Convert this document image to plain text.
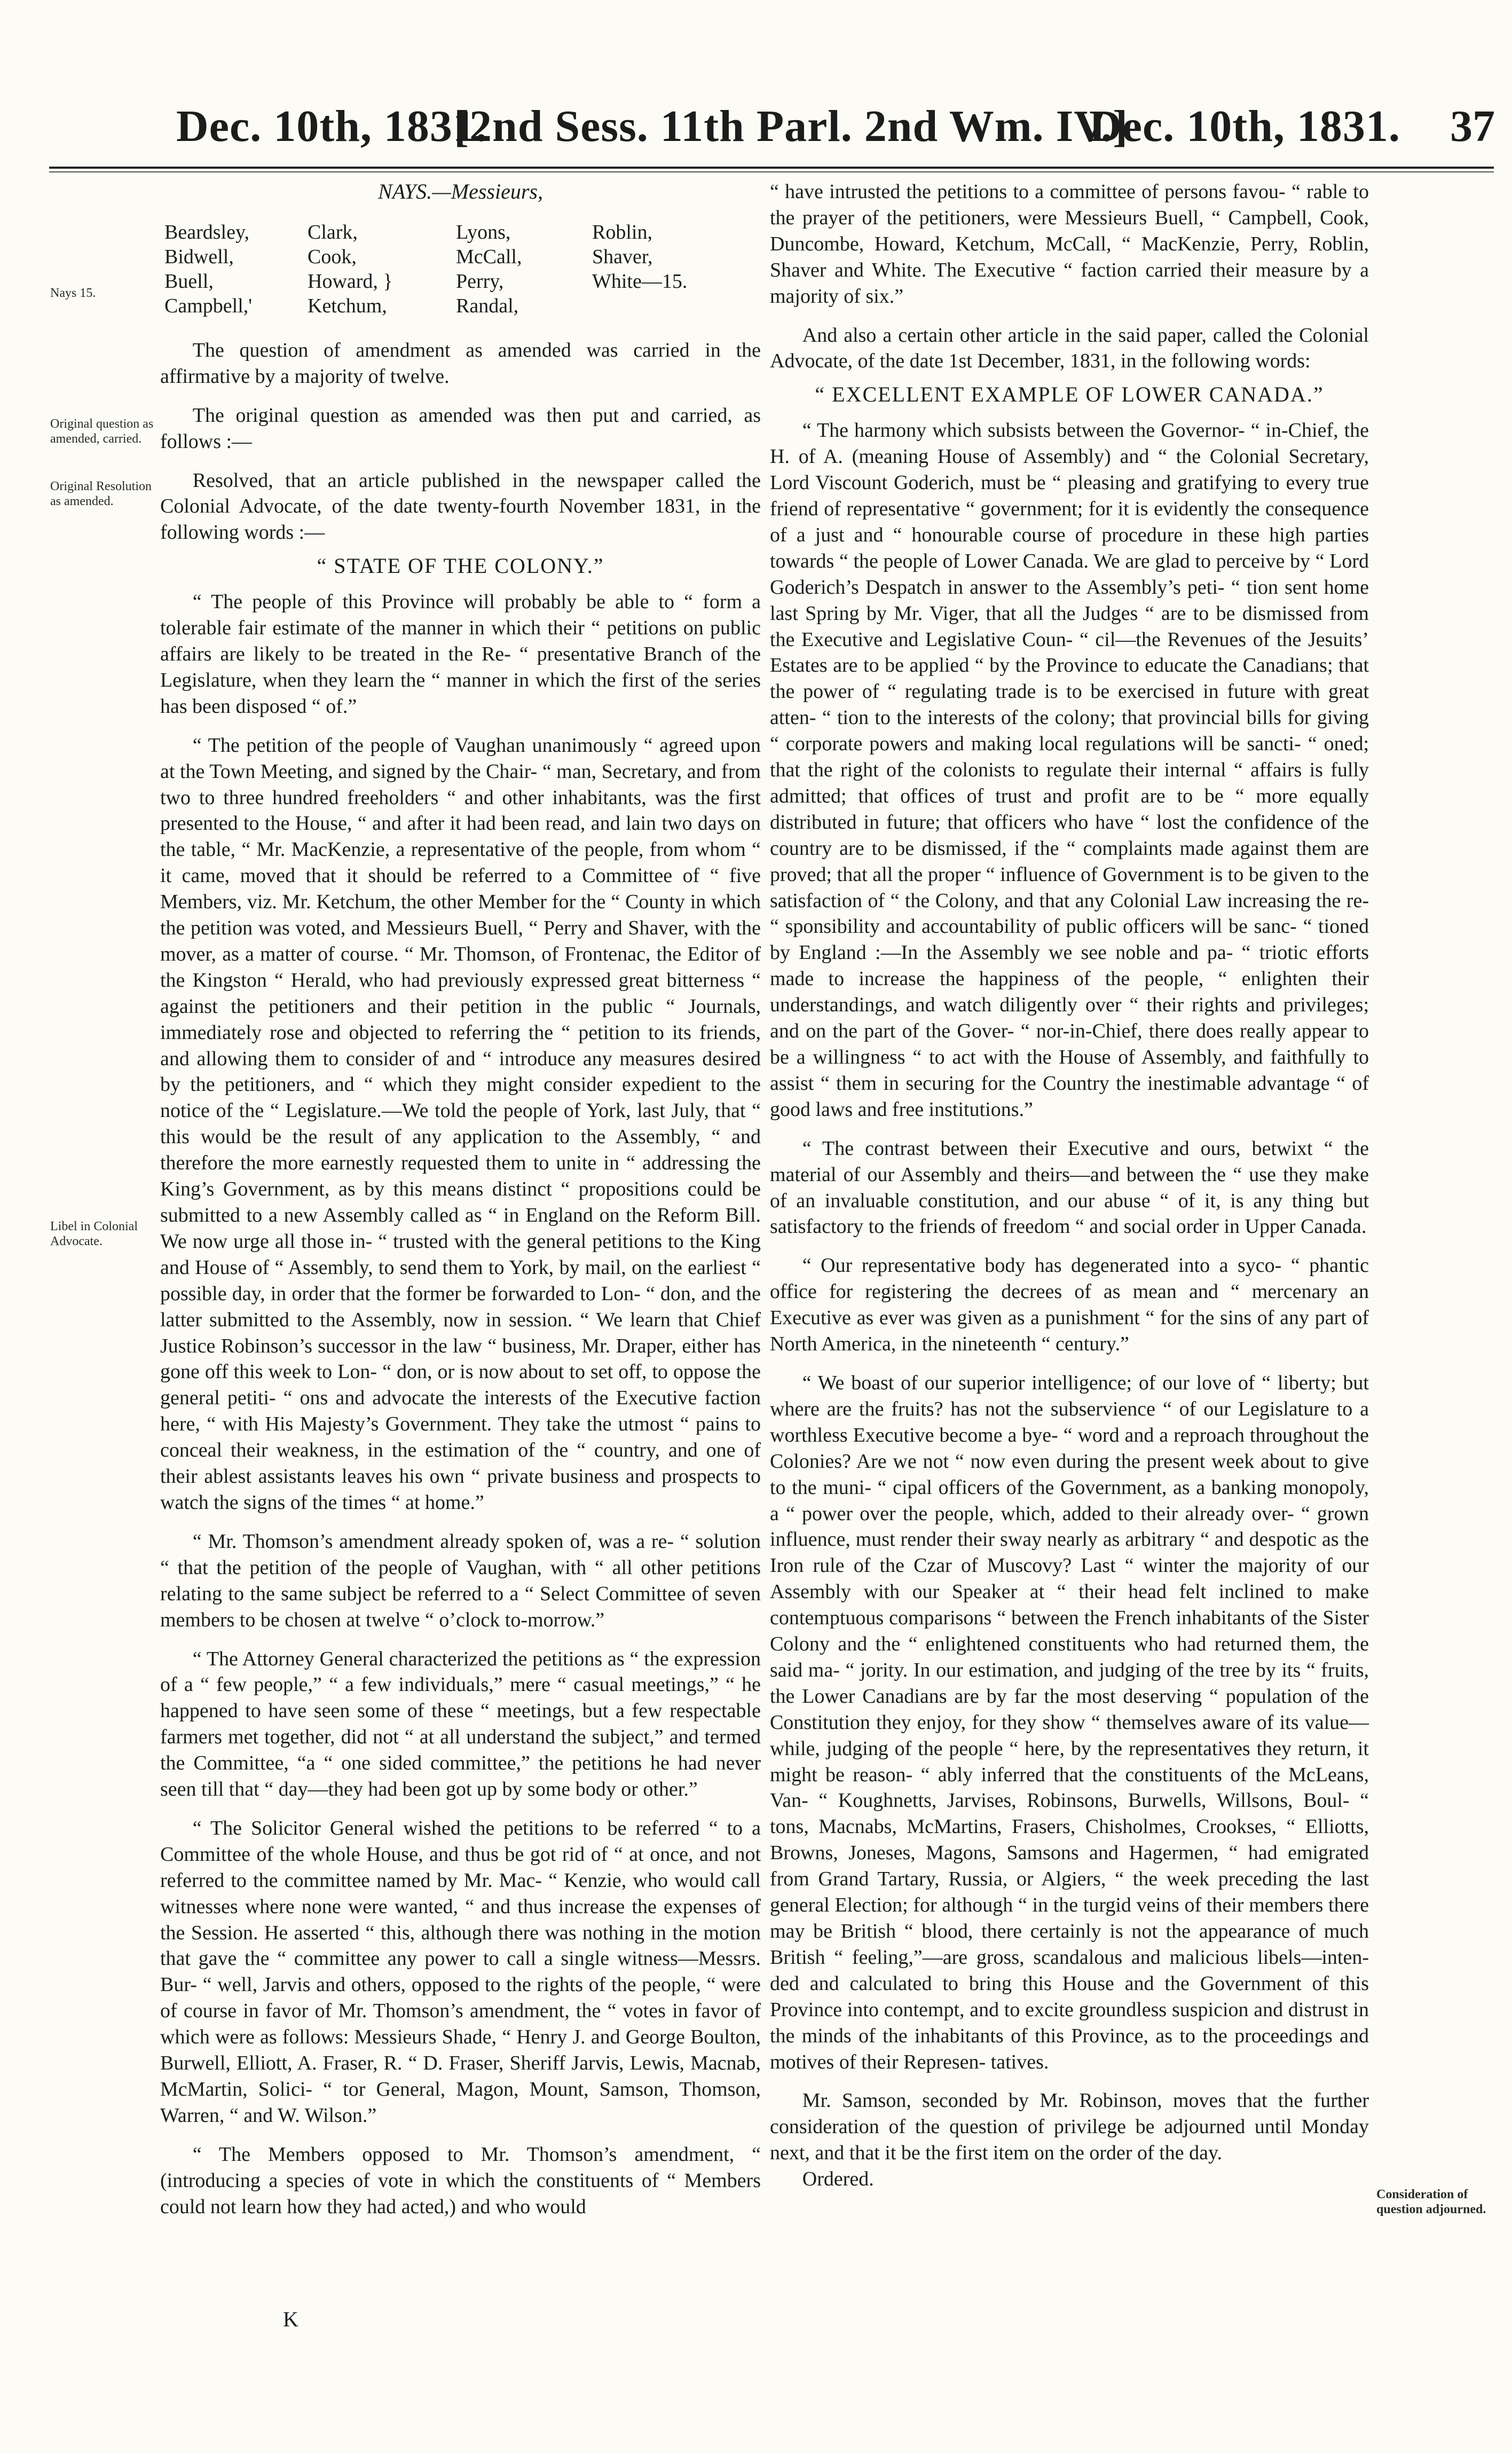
Dec. 10th, 1831.
[2nd Sess. 11th Parl. 2nd Wm. IV.]
Dec. 10th, 1831. 37
Nays 15.
Original question as amended, carried.
Original Resolution as amended.
Libel in Colonial Advocate.
Consideration of question adjourned.
NAYS.—Messieurs,
Beardsley,	Clark,	Lyons,	Roblin,
Bidwell,	Cook,	McCall,	Shaver,
Buell,	Howard, }	Perry,	White—15.
Campbell,'	Ketchum,	Randal,

The question of amendment as amended was carried in the affirmative by a majority of twelve.

The original question as amended was then put and carried, as follows :—

Resolved, that an article published in the newspaper called the Colonial Advocate, of the date twenty-fourth November 1831, in the following words :—

“ STATE OF THE COLONY.”

“ The people of this Province will probably be able to “ form a tolerable fair estimate of the manner in which their “ petitions on public affairs are likely to be treated in the Re- “ presentative Branch of the Legislature, when they learn the “ manner in which the first of the series has been disposed “ of.”

“ The petition of the people of Vaughan unanimously “ agreed upon at the Town Meeting, and signed by the Chair- “ man, Secretary, and from two to three hundred freeholders “ and other inhabitants, was the first presented to the House, “ and after it had been read, and lain two days on the table, “ Mr. MacKenzie, a representative of the people, from whom “ it came, moved that it should be referred to a Committee of “ five Members, viz. Mr. Ketchum, the other Member for the “ County in which the petition was voted, and Messieurs Buell, “ Perry and Shaver, with the mover, as a matter of course. “ Mr. Thomson, of Frontenac, the Editor of the Kingston “ Herald, who had previously expressed great bitterness “ against the petitioners and their petition in the public “ Journals, immediately rose and objected to referring the “ petition to its friends, and allowing them to consider of and “ introduce any measures desired by the petitioners, and “ which they might consider expedient to the notice of the “ Legislature.—We told the people of York, last July, that “ this would be the result of any application to the Assembly, “ and therefore the more earnestly requested them to unite in “ addressing the King’s Government, as by this means distinct “ propositions could be submitted to a new Assembly called as “ in England on the Reform Bill. We now urge all those in- “ trusted with the general petitions to the King and House of “ Assembly, to send them to York, by mail, on the earliest “ possible day, in order that the former be forwarded to Lon- “ don, and the latter submitted to the Assembly, now in session. “ We learn that Chief Justice Robinson’s successor in the law “ business, Mr. Draper, either has gone off this week to Lon- “ don, or is now about to set off, to oppose the general petiti- “ ons and advocate the interests of the Executive faction here, “ with His Majesty’s Government. They take the utmost “ pains to conceal their weakness, in the estimation of the “ country, and one of their ablest assistants leaves his own “ private business and prospects to watch the signs of the times “ at home.”

“ Mr. Thomson’s amendment already spoken of, was a re- “ solution “ that the petition of the people of Vaughan, with “ all other petitions relating to the same subject be referred to a “ Select Committee of seven members to be chosen at twelve “ o’clock to-morrow.”

“ The Attorney General characterized the petitions as “ the expression of a “ few people,” “ a few individuals,” mere “ casual meetings,” “ he happened to have seen some of these “ meetings, but a few respectable farmers met together, did not “ at all understand the subject,” and termed the Committee, “a “ one sided committee,” the petitions he had never seen till that “ day—they had been got up by some body or other.”

“ The Solicitor General wished the petitions to be referred “ to a Committee of the whole House, and thus be got rid of “ at once, and not referred to the committee named by Mr. Mac- “ Kenzie, who would call witnesses where none were wanted, “ and thus increase the expenses of the Session. He asserted “ this, although there was nothing in the motion that gave the “ committee any power to call a single witness—Messrs. Bur- “ well, Jarvis and others, opposed to the rights of the people, “ were of course in favor of Mr. Thomson’s amendment, the “ votes in favor of which were as follows: Messieurs Shade, “ Henry J. and George Boulton, Burwell, Elliott, A. Fraser, R. “ D. Fraser, Sheriff Jarvis, Lewis, Macnab, McMartin, Solici- “ tor General, Magon, Mount, Samson, Thomson, Warren, “ and W. Wilson.”

“ The Members opposed to Mr. Thomson’s amendment, “ (introducing a species of vote in which the constituents of “ Members could not learn how they had acted,) and who would

K

“ have intrusted the petitions to a committee of persons favou- “ rable to the prayer of the petitioners, were Messieurs Buell, “ Campbell, Cook, Duncombe, Howard, Ketchum, McCall, “ MacKenzie, Perry, Roblin, Shaver and White. The Executive “ faction carried their measure by a majority of six.”

And also a certain other article in the said paper, called the Colonial Advocate, of the date 1st December, 1831, in the following words:

“ EXCELLENT EXAMPLE OF LOWER CANADA.”

“ The harmony which subsists between the Governor- “ in-Chief, the H. of A. (meaning House of Assembly) and “ the Colonial Secretary, Lord Viscount Goderich, must be “ pleasing and gratifying to every true friend of representative “ government; for it is evidently the consequence of a just and “ honourable course of procedure in these high parties towards “ the people of Lower Canada. We are glad to perceive by “ Lord Goderich’s Despatch in answer to the Assembly’s peti- “ tion sent home last Spring by Mr. Viger, that all the Judges “ are to be dismissed from the Executive and Legislative Coun- “ cil—the Revenues of the Jesuits’ Estates are to be applied “ by the Province to educate the Canadians; that the power of “ regulating trade is to be exercised in future with great atten- “ tion to the interests of the colony; that provincial bills for giving “ corporate powers and making local regulations will be sancti- “ oned; that the right of the colonists to regulate their internal “ affairs is fully admitted; that offices of trust and profit are to be “ more equally distributed in future; that officers who have “ lost the confidence of the country are to be dismissed, if the “ complaints made against them are proved; that all the proper “ influence of Government is to be given to the satisfaction of “ the Colony, and that any Colonial Law increasing the re- “ sponsibility and accountability of public officers will be sanc- “ tioned by England :—In the Assembly we see noble and pa- “ triotic efforts made to increase the happiness of the people, “ enlighten their understandings, and watch diligently over “ their rights and privileges; and on the part of the Gover- “ nor-in-Chief, there does really appear to be a willingness “ to act with the House of Assembly, and faithfully to assist “ them in securing for the Country the inestimable advantage “ of good laws and free institutions.”

“ The contrast between their Executive and ours, betwixt “ the material of our Assembly and theirs—and between the “ use they make of an invaluable constitution, and our abuse “ of it, is any thing but satisfactory to the friends of freedom “ and social order in Upper Canada.

“ Our representative body has degenerated into a syco- “ phantic office for registering the decrees of as mean and “ mercenary an Executive as ever was given as a punishment “ for the sins of any part of North America, in the nineteenth “ century.”

“ We boast of our superior intelligence; of our love of “ liberty; but where are the fruits? has not the subservience “ of our Legislature to a worthless Executive become a bye- “ word and a reproach throughout the Colonies? Are we not “ now even during the present week about to give to the muni- “ cipal officers of the Government, as a banking monopoly, a “ power over the people, which, added to their already over- “ grown influence, must render their sway nearly as arbitrary “ and despotic as the Iron rule of the Czar of Muscovy? Last “ winter the majority of our Assembly with our Speaker at “ their head felt inclined to make contemptuous comparisons “ between the French inhabitants of the Sister Colony and the “ enlightened constituents who had returned them, the said ma- “ jority. In our estimation, and judging of the tree by its “ fruits, the Lower Canadians are by far the most deserving “ population of the Constitution they enjoy, for they show “ themselves aware of its value—while, judging of the people “ here, by the representatives they return, it might be reason- “ ably inferred that the constituents of the McLeans, Van- “ Koughnetts, Jarvises, Robinsons, Burwells, Willsons, Boul- “ tons, Macnabs, McMartins, Frasers, Chisholmes, Crookses, “ Elliotts, Browns, Joneses, Magons, Samsons and Hagermen, “ had emigrated from Grand Tartary, Russia, or Algiers, “ the week preceding the last general Election; for although “ in the turgid veins of their members there may be British “ blood, there certainly is not the appearance of much British “ feeling,”—are gross, scandalous and malicious libels—inten- ded and calculated to bring this House and the Government of this Province into contempt, and to excite groundless suspicion and distrust in the minds of the inhabitants of this Province, as to the proceedings and motives of their Represen- tatives.

Mr. Samson, seconded by Mr. Robinson, moves that the further consideration of the question of privilege be adjourned until Monday next, and that it be the first item on the order of the day.

Ordered.
